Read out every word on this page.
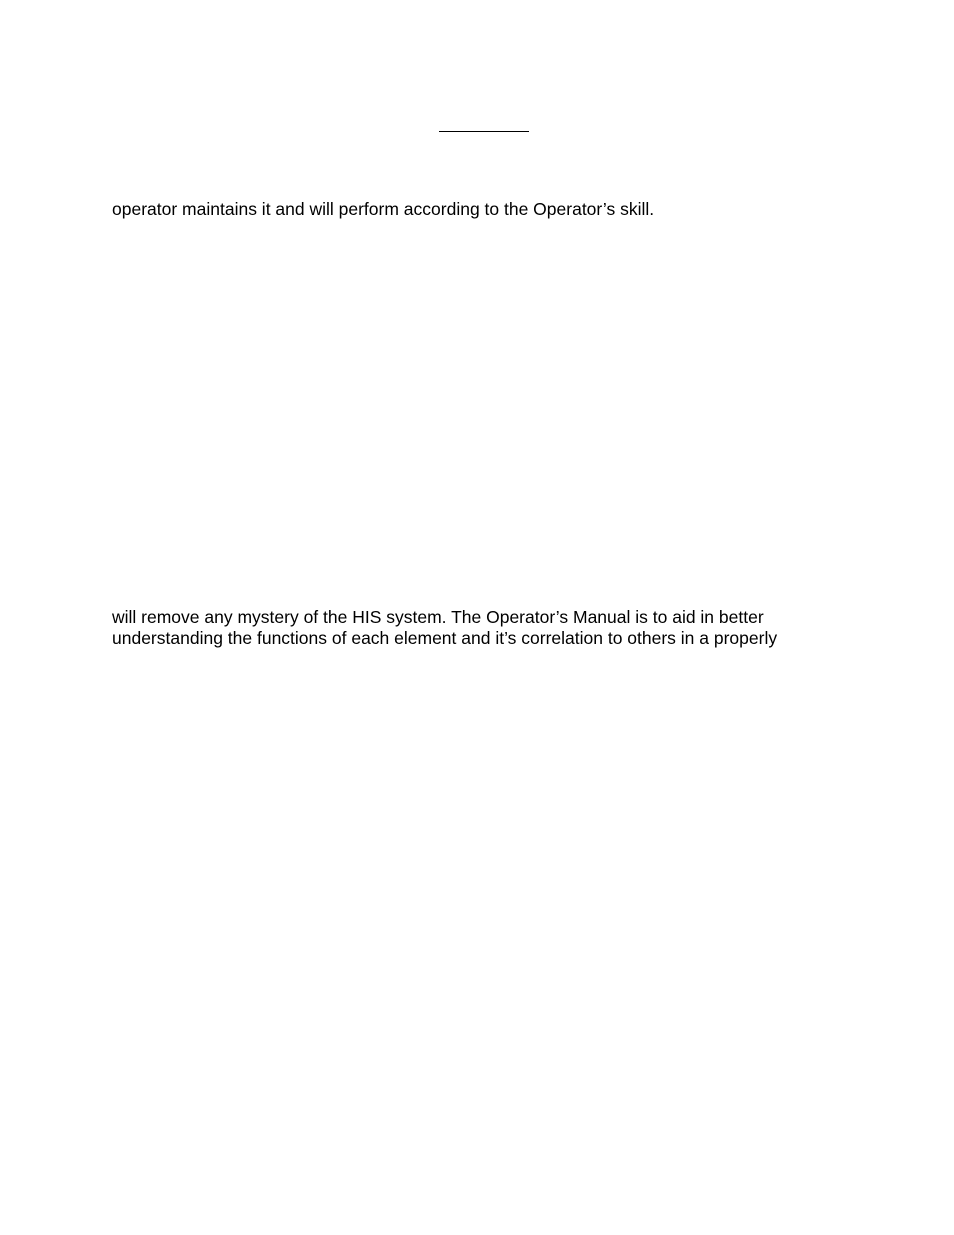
operator maintains it and will perform according to the Operator’s skill.

will remove any mystery of the HIS system. The Operator’s Manual is to aid in better

understanding the functions of each element and it’s correlation to others in a properly
